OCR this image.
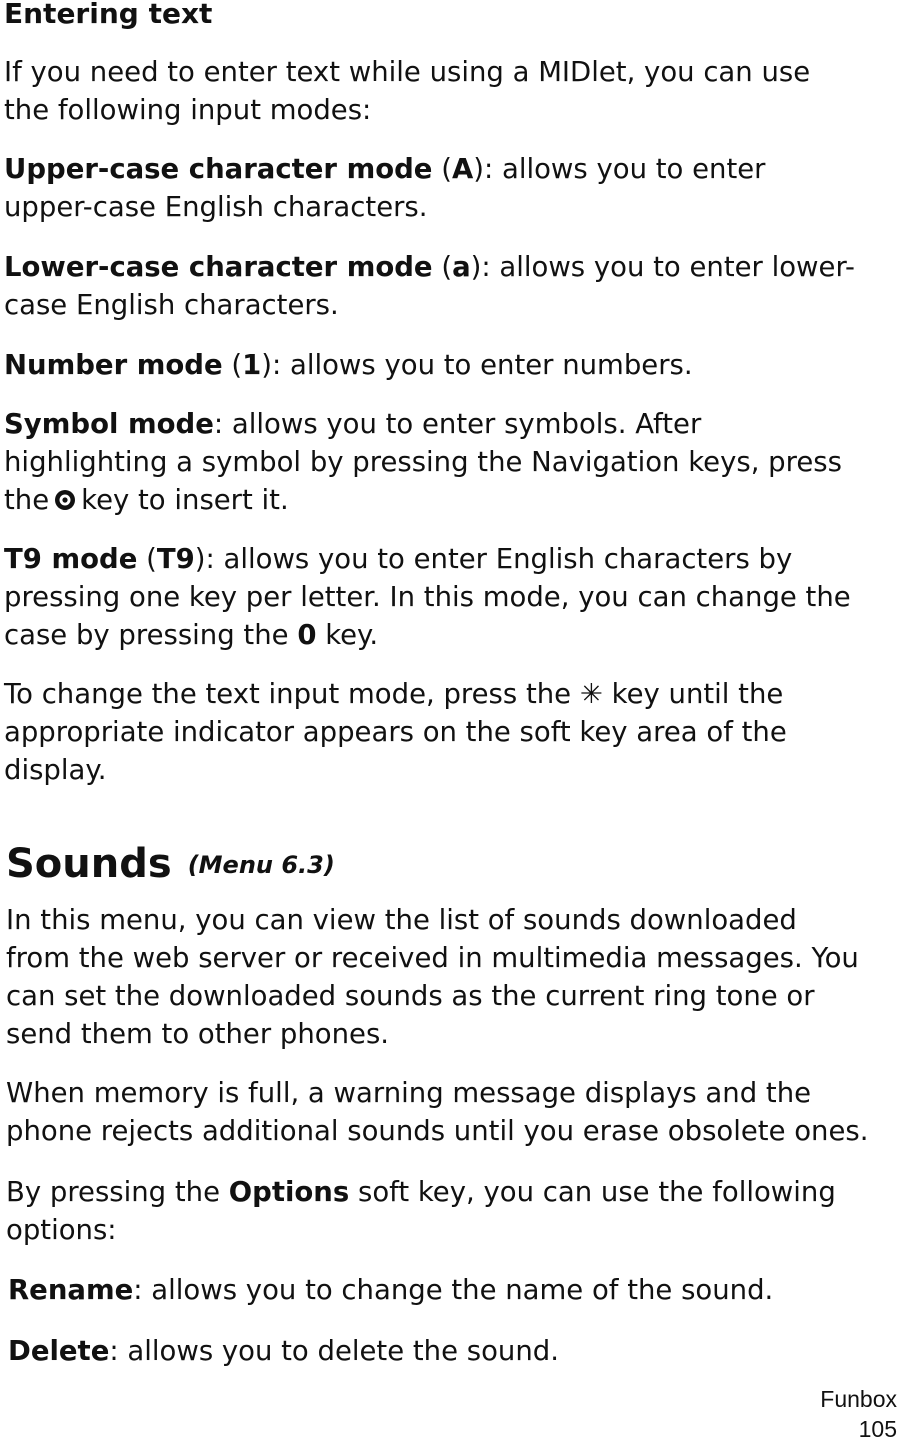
Entering text

If you need to enter text while using a MIDlet, you can use
the following input modes:

Upper-case character mode (A): allows you to enter
upper-case English characters.

Lower-case character mode (a): allows you to enter lower-
case English characters.

Number mode (1): allows you to enter numbers.

Symbol mode: allows you to enter symbols. After
highlighting a symbol by pressing the Navigation keys, press
the key to insert it.

T9 mode (T9): allows you to enter English characters by
pressing one key per letter. In this mode, you can change the
case by pressing the 0 key.

To change the text input mode, press the ✳ key until the
appropriate indicator appears on the soft key area of the
display.

Sounds (Menu 6.3)

In this menu, you can view the list of sounds downloaded
from the web server or received in multimedia messages. You
can set the downloaded sounds as the current ring tone or
send them to other phones.

When memory is full, a warning message displays and the
phone rejects additional sounds until you erase obsolete ones.

By pressing the Options soft key, you can use the following
options:

Rename: allows you to change the name of the sound.

Delete: allows you to delete the sound.

Funbox
105
